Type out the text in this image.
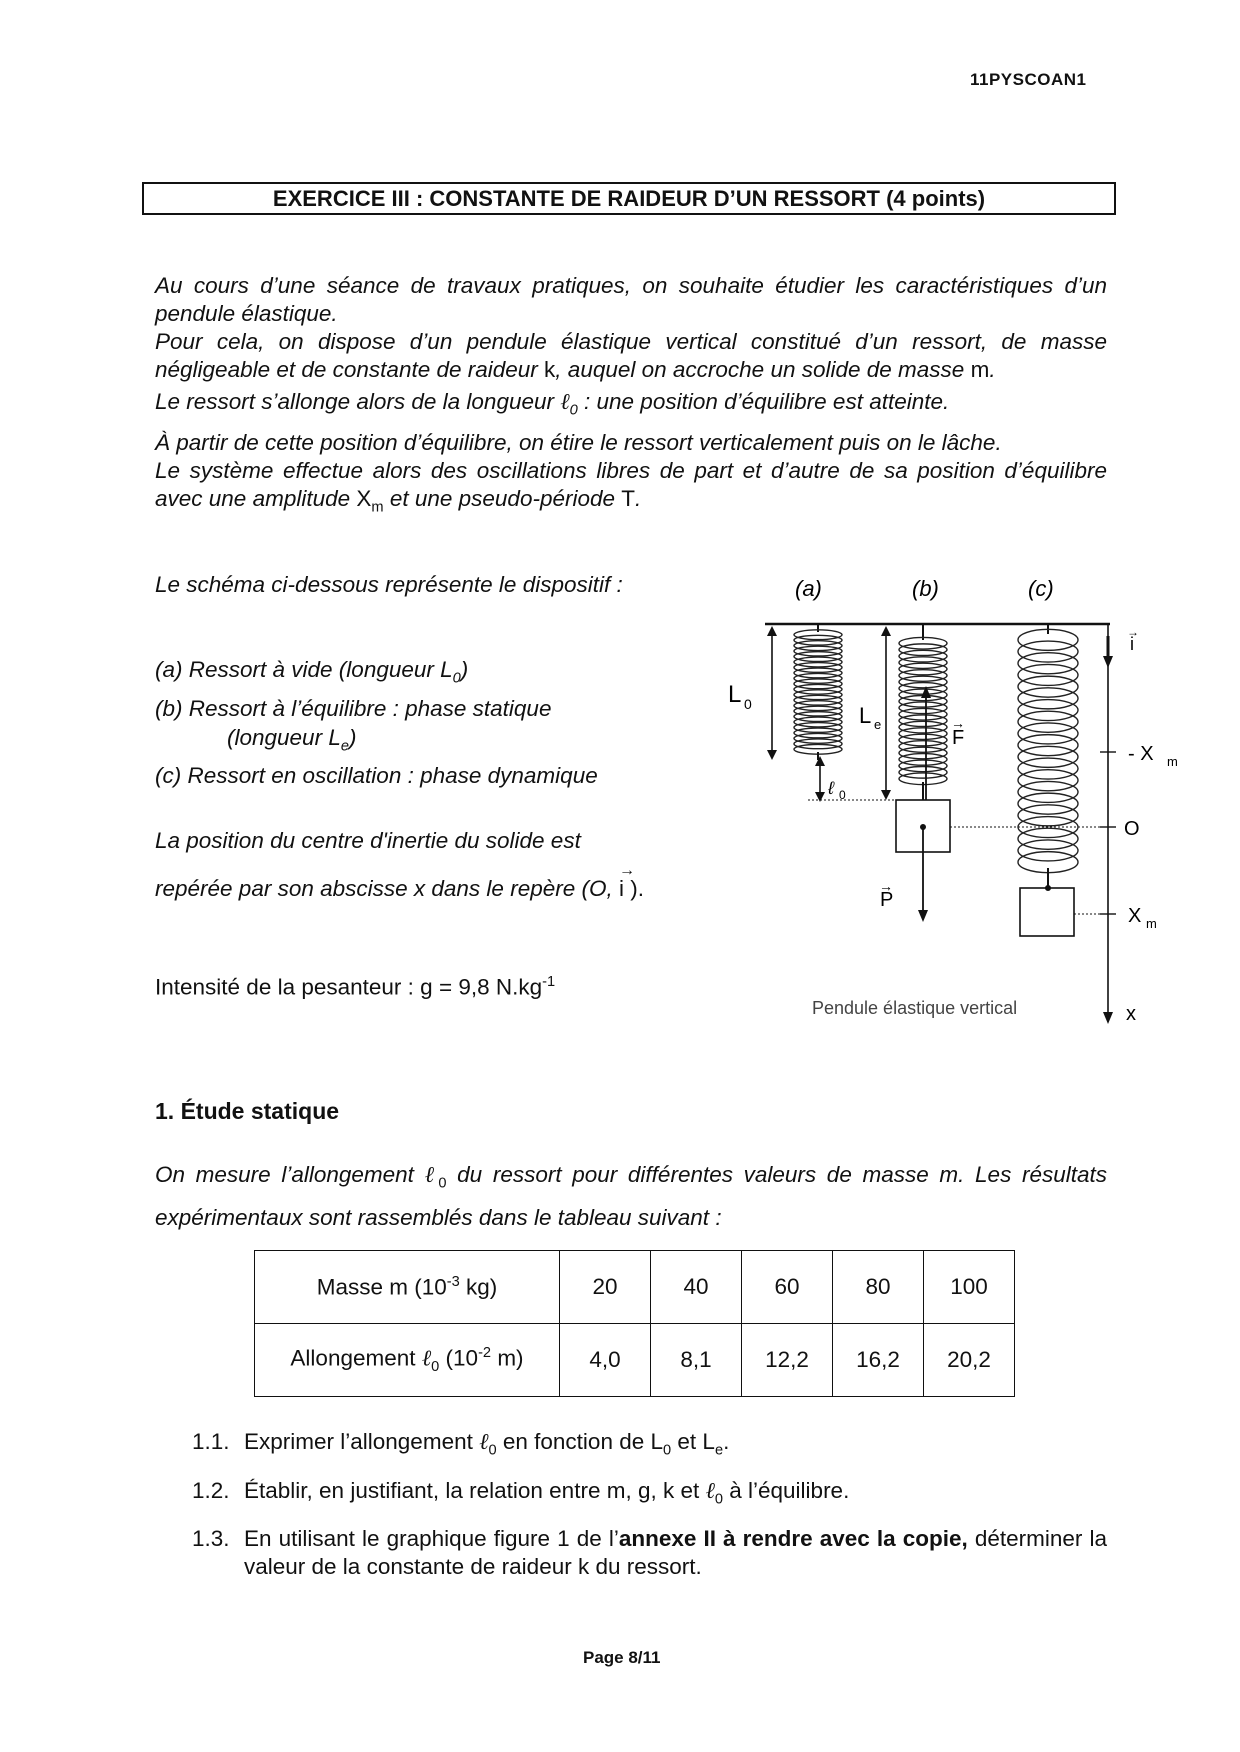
11PYSCOAN1
EXERCICE III : CONSTANTE DE RAIDEUR D’UN RESSORT (4 points)

Au cours d’une séance de travaux pratiques, on souhaite étudier les caractéristiques d’un pendule élastique.

Pour cela, on dispose d’un pendule élastique vertical constitué d’un ressort, de masse négligeable et de constante de raideur k, auquel on accroche un solide de masse m.

Le ressort s’allonge alors de la longueur ℓ$_0$ : une position d’équilibre est atteinte.

À partir de cette position d’équilibre, on étire le ressort verticalement puis on le lâche.

Le système effectue alors des oscillations libres de part et d’autre de sa position d’équilibre avec une amplitude $X_m$ et une pseudo-période T.

Le schéma ci-dessous représente le dispositif :
(a) Ressort à vide (longueur $L_0$)
(b) Ressort à l’équilibre : phase statique
(longueur $L_e$)
(c) Ressort en oscillation : phase dynamique
La position du centre d'inertie du solide est
repérée par son abscisse x dans le repère (O,
→
i ).
Intensité de la pesanteur : g = 9,8 $N.kg^{-1}$
(a)	(b)	(c)
L 0
ℓ 0
L e
F
→
P
→
i
→
- X m
O
X m
x
Pendule élastique vertical
1. Étude statique
On mesure l’allongement ℓ$_0$ du ressort pour différentes valeurs de masse m. Les résultats expérimentaux sont rassemblés dans le tableau suivant :
Masse m ($10^{-3}$ kg)	20	40	60	80	100
Allongement ℓ$_0$ ($10^{-2}$ m)	4,0	8,1	12,2	16,2	20,2
1.1. Exprimer l’allongement ℓ$_0$ en fonction de $L_0$ et $L_e$.
1.2. Établir, en justifiant, la relation entre m, g, k et ℓ$_0$ à l’équilibre.
1.3. En utilisant le graphique figure 1 de l’annexe II à rendre avec la copie, déterminer la valeur de la constante de raideur k du ressort.
Page 8/11
